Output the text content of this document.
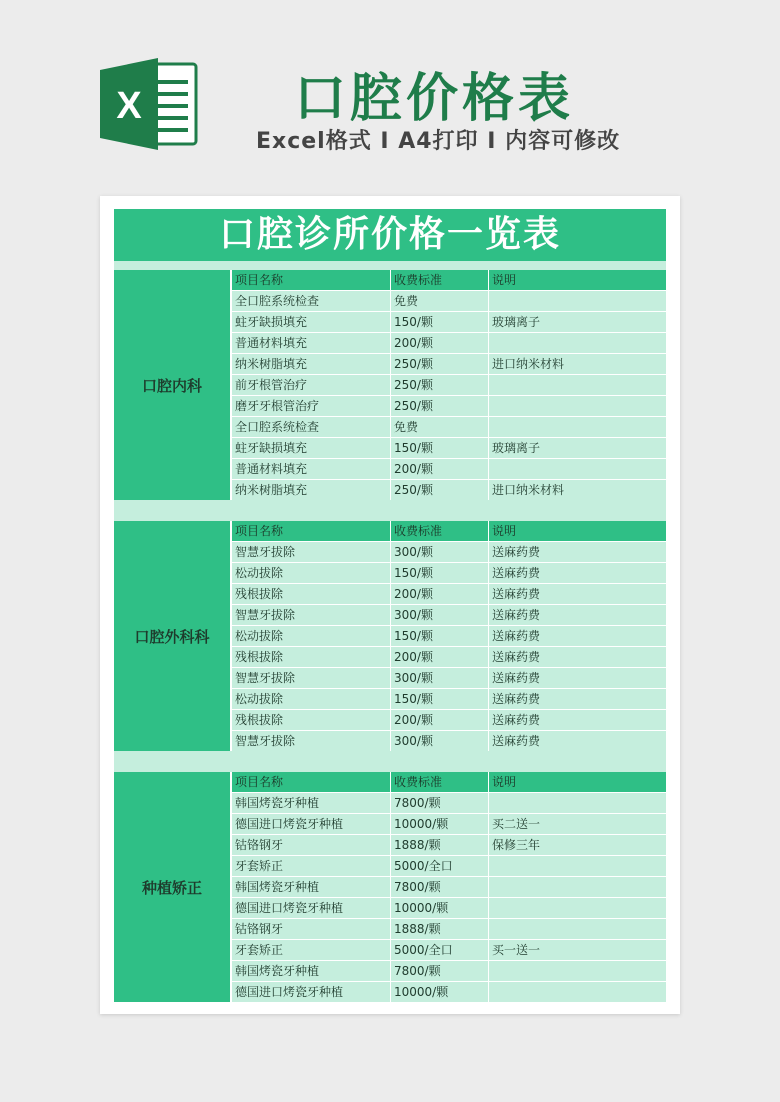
X	口腔价格表
Excel格式 I A4打印 I 内容可修改
口腔诊所价格一览表
口腔内科
项目名称	收费标准	说明
全口腔系统检查	免费
蛀牙缺损填充	150/颗	玻璃离子
普通材料填充	200/颗
纳米树脂填充	250/颗	进口纳米材料
前牙根管治疗	250/颗
磨牙牙根管治疗	250/颗
全口腔系统检查	免费
蛀牙缺损填充	150/颗	玻璃离子
普通材料填充	200/颗
纳米树脂填充	250/颗	进口纳米材料
口腔外科科
项目名称	收费标准	说明
智慧牙拔除	300/颗	送麻药费
松动拔除	150/颗	送麻药费
残根拔除	200/颗	送麻药费
智慧牙拔除	300/颗	送麻药费
松动拔除	150/颗	送麻药费
残根拔除	200/颗	送麻药费
智慧牙拔除	300/颗	送麻药费
松动拔除	150/颗	送麻药费
残根拔除	200/颗	送麻药费
智慧牙拔除	300/颗	送麻药费
种植矫正
项目名称	收费标准	说明
韩国烤瓷牙种植	7800/颗
德国进口烤瓷牙种植	10000/颗	买二送一
钴铬钢牙	1888/颗	保修三年
牙套矫正	5000/全口
韩国烤瓷牙种植	7800/颗
德国进口烤瓷牙种植	10000/颗
钴铬钢牙	1888/颗
牙套矫正	5000/全口	买一送一
韩国烤瓷牙种植	7800/颗
德国进口烤瓷牙种植	10000/颗
